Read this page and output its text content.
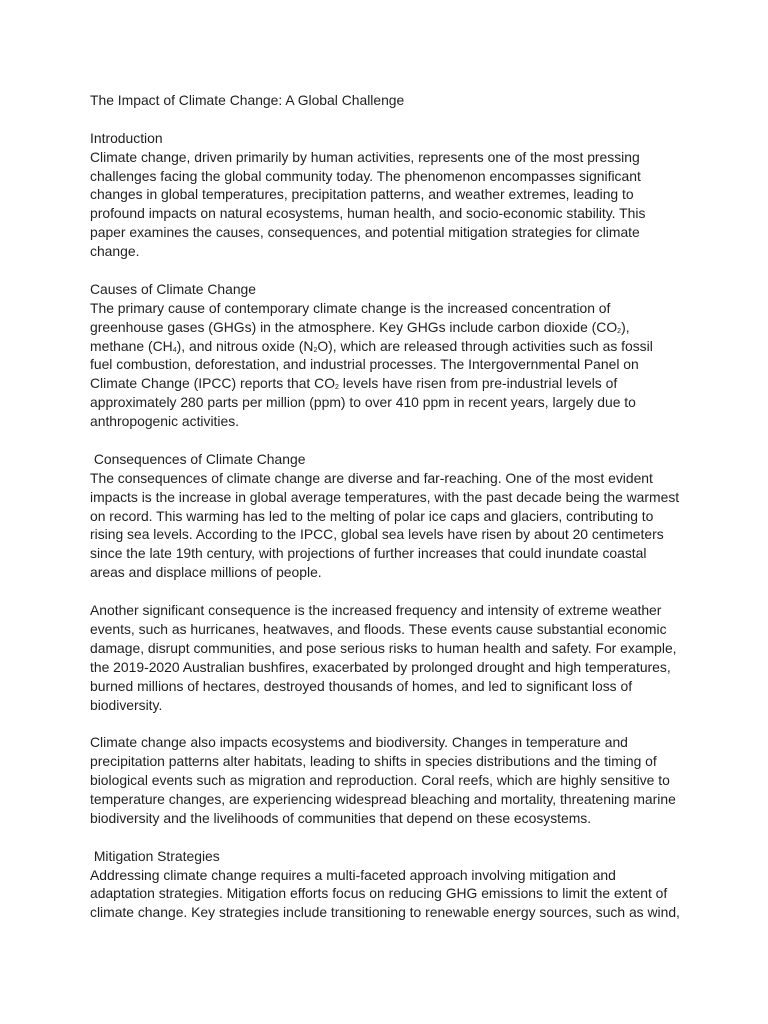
The Impact of Climate Change: A Global Challenge
Introduction
Climate change, driven primarily by human activities, represents one of the most pressing
challenges facing the global community today. The phenomenon encompasses significant
changes in global temperatures, precipitation patterns, and weather extremes, leading to
profound impacts on natural ecosystems, human health, and socio-economic stability. This
paper examines the causes, consequences, and potential mitigation strategies for climate
change.
Causes of Climate Change
The primary cause of contemporary climate change is the increased concentration of
greenhouse gases (GHGs) in the atmosphere. Key GHGs include carbon dioxide (CO2),
methane (CH4), and nitrous oxide (N2O), which are released through activities such as fossil
fuel combustion, deforestation, and industrial processes. The Intergovernmental Panel on
Climate Change (IPCC) reports that CO2 levels have risen from pre-industrial levels of
approximately 280 parts per million (ppm) to over 410 ppm in recent years, largely due to
anthropogenic activities.
Consequences of Climate Change
The consequences of climate change are diverse and far-reaching. One of the most evident
impacts is the increase in global average temperatures, with the past decade being the warmest
on record. This warming has led to the melting of polar ice caps and glaciers, contributing to
rising sea levels. According to the IPCC, global sea levels have risen by about 20 centimeters
since the late 19th century, with projections of further increases that could inundate coastal
areas and displace millions of people.
Another significant consequence is the increased frequency and intensity of extreme weather
events, such as hurricanes, heatwaves, and floods. These events cause substantial economic
damage, disrupt communities, and pose serious risks to human health and safety. For example,
the 2019-2020 Australian bushfires, exacerbated by prolonged drought and high temperatures,
burned millions of hectares, destroyed thousands of homes, and led to significant loss of
biodiversity.
Climate change also impacts ecosystems and biodiversity. Changes in temperature and
precipitation patterns alter habitats, leading to shifts in species distributions and the timing of
biological events such as migration and reproduction. Coral reefs, which are highly sensitive to
temperature changes, are experiencing widespread bleaching and mortality, threatening marine
biodiversity and the livelihoods of communities that depend on these ecosystems.
Mitigation Strategies
Addressing climate change requires a multi-faceted approach involving mitigation and
adaptation strategies. Mitigation efforts focus on reducing GHG emissions to limit the extent of
climate change. Key strategies include transitioning to renewable energy sources, such as wind,
